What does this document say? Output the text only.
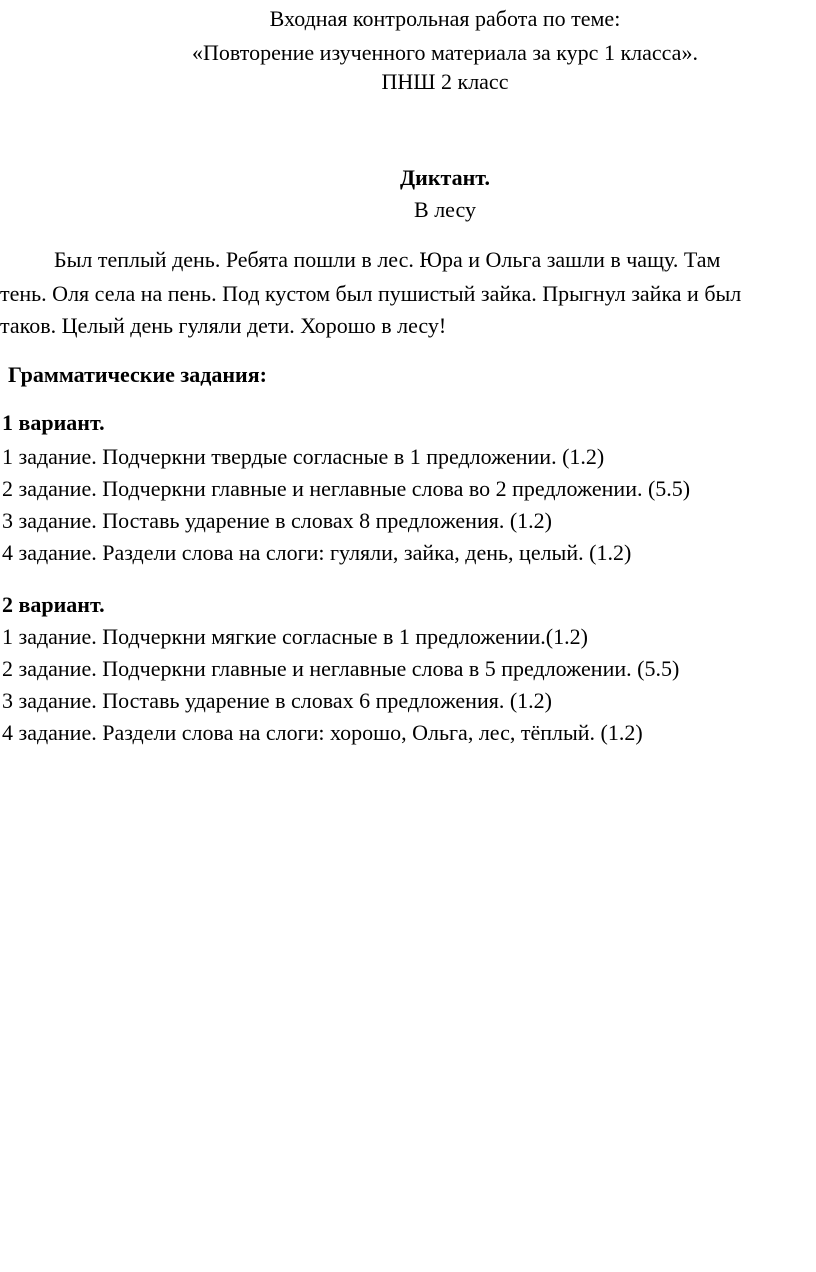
Входная контрольная работа по теме:
«Повторение изученного материала за курс 1 класса».
ПНШ 2 класс
Диктант.
В лесу
Был теплый день. Ребята пошли в лес. Юра и Ольга зашли в чащу. Там
тень. Оля села на пень. Под кустом был пушистый зайка. Прыгнул зайка и был
таков. Целый день гуляли дети. Хорошо в лесу!
Грамматические задания:
1 вариант.
1 задание. Подчеркни твердые согласные в 1 предложении. (1.2)
2 задание. Подчеркни главные и неглавные слова во 2 предложении. (5.5)
3 задание. Поставь ударение в словах 8 предложения. (1.2)
4 задание. Раздели слова на слоги: гуляли, зайка, день, целый. (1.2)
2 вариант.
1 задание. Подчеркни мягкие согласные в 1 предложении.(1.2)
2 задание. Подчеркни главные и неглавные слова в 5 предложении. (5.5)
3 задание. Поставь ударение в словах 6 предложения. (1.2)
4 задание. Раздели слова на слоги: хорошо, Ольга, лес, тёплый. (1.2)
